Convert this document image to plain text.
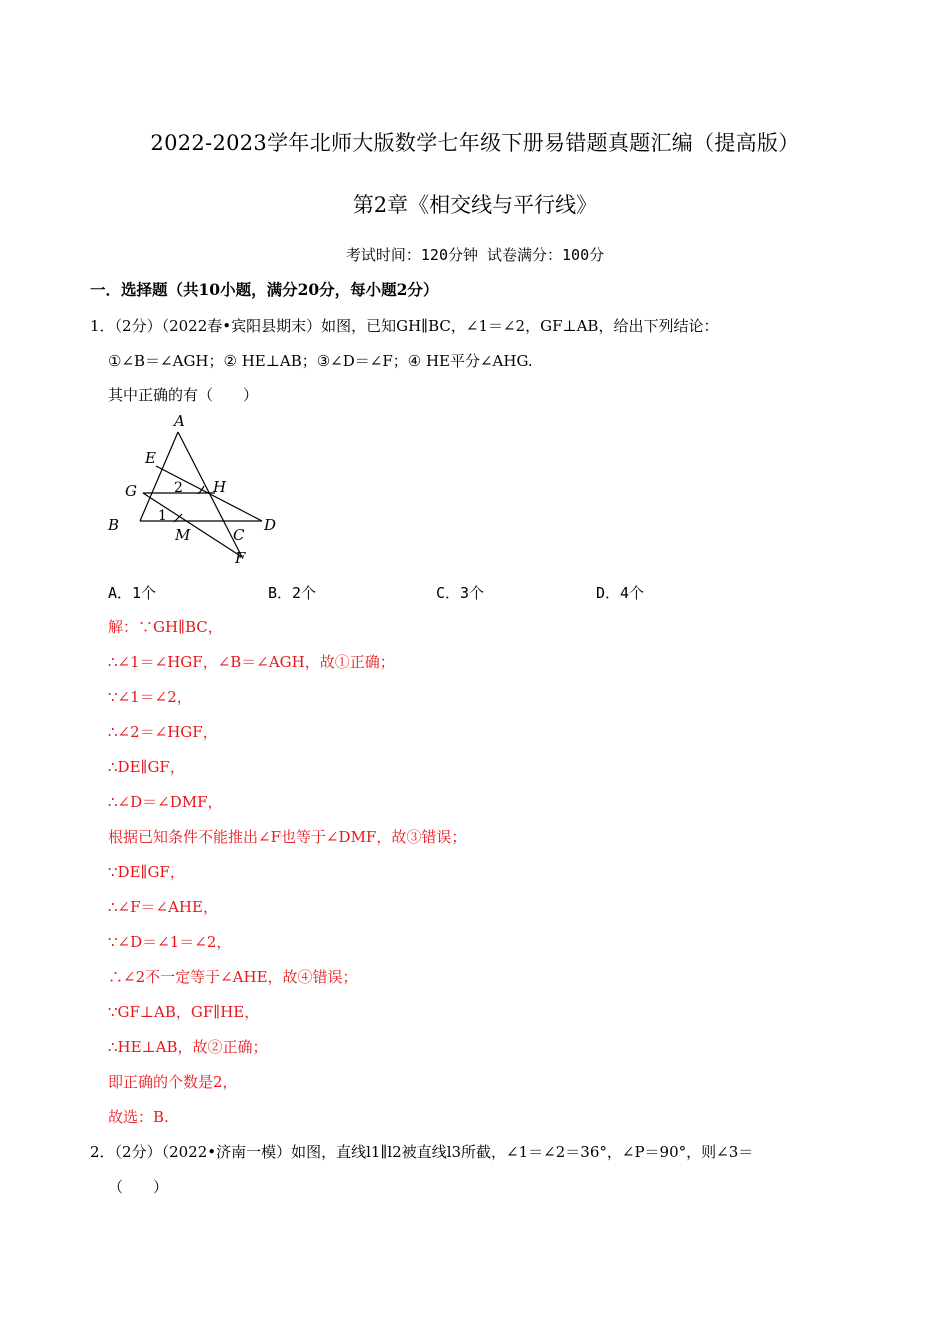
2022-2023学年北师大版数学七年级下册易错题真题汇编（提高版）
第2章《相交线与平行线》
考试时间：120分钟 试卷满分：100分
一．选择题（共10小题，满分20分，每小题2分）
1．（2分）（2022春•宾阳县期末）如图，已知GH∥BC，∠1＝∠2，GF⊥AB，给出下列结论：
①∠B＝∠AGH；② HE⊥AB；③∠D＝∠F；④ HE平分∠AHG.
其中正确的有（　　）
A
E
G	2 H
B	1	D
M	C
F
A．1个	B．2个	C．3个	D．4个
解：∵GH∥BC，
∴∠1＝∠HGF，∠B＝∠AGH，故①正确；
∵∠1＝∠2，
∴∠2＝∠HGF，
∴DE∥GF，
∴∠D＝∠DMF，
根据已知条件不能推出∠F也等于∠DMF，故③错误；
∵DE∥GF，
∴∠F＝∠AHE，
∵∠D＝∠1＝∠2，
∴∠2不一定等于∠AHE，故④错误；
∵GF⊥AB，GF∥HE，
∴HE⊥AB，故②正确；
即正确的个数是2，
故选：B.
2．（2分）（2022•济南一模）如图，直线l1∥l2被直线l3所截，∠1＝∠2＝36°，∠P＝90°，则∠3＝
（　　）
